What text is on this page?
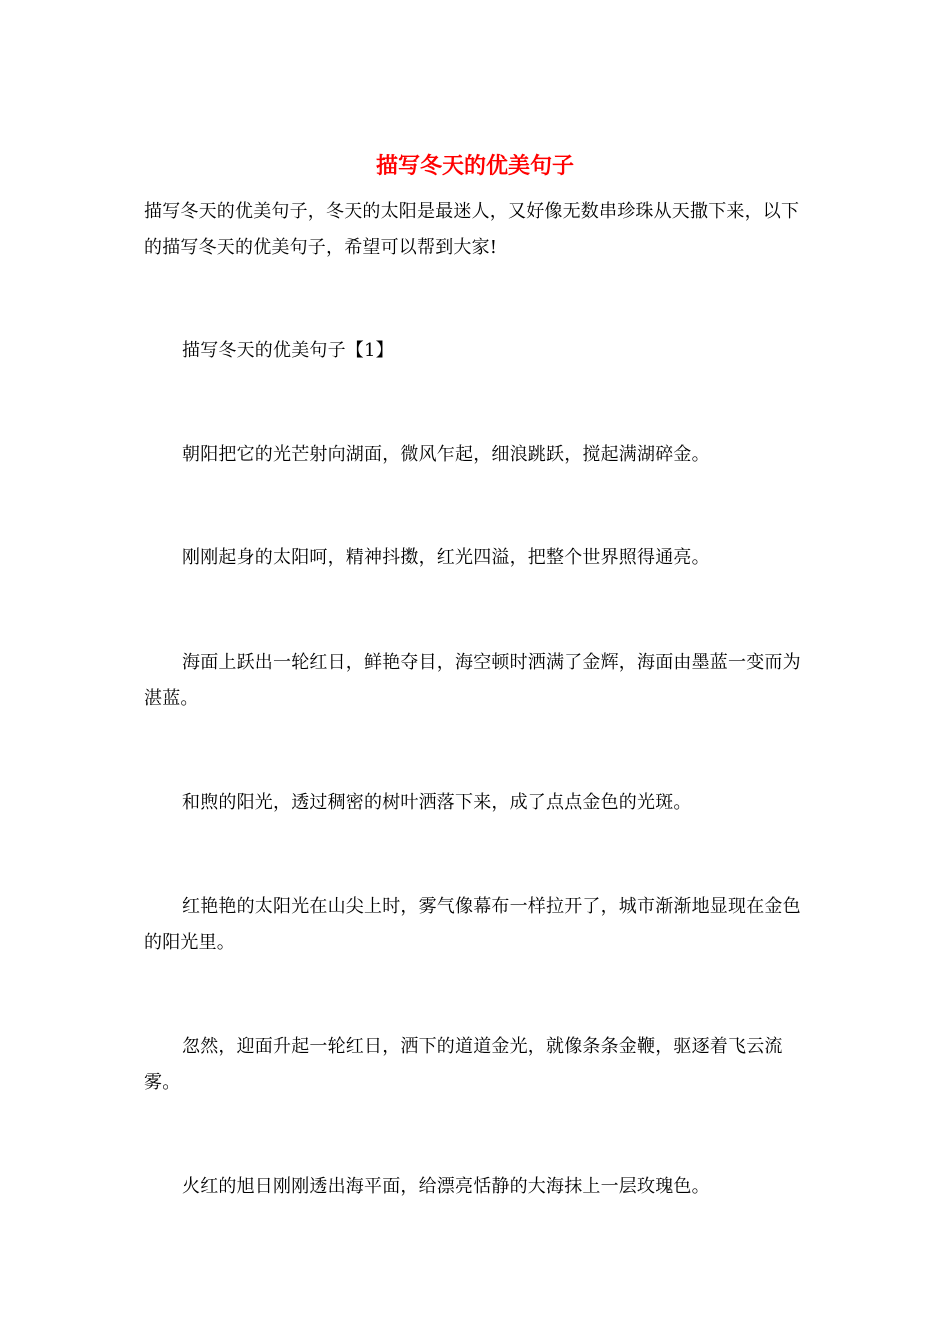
描写冬天的优美句子

描写冬天的优美句子，冬天的太阳是最迷人，又好像无数串珍珠从天撒下来，以下的描写冬天的优美句子，希望可以帮到大家!

描写冬天的优美句子【1】

朝阳把它的光芒射向湖面，微风乍起，细浪跳跃，搅起满湖碎金。

刚刚起身的太阳呵，精神抖擞，红光四溢，把整个世界照得通亮。

海面上跃出一轮红日，鲜艳夺目，海空顿时洒满了金辉，海面由墨蓝一变而为湛蓝。

和煦的阳光，透过稠密的树叶洒落下来，成了点点金色的光斑。

红艳艳的太阳光在山尖上时，雾气像幕布一样拉开了，城市渐渐地显现在金色的阳光里。

忽然，迎面升起一轮红日，洒下的道道金光，就像条条金鞭，驱逐着飞云流雾。

火红的旭日刚刚透出海平面，给漂亮恬静的大海抹上一层玫瑰色。
